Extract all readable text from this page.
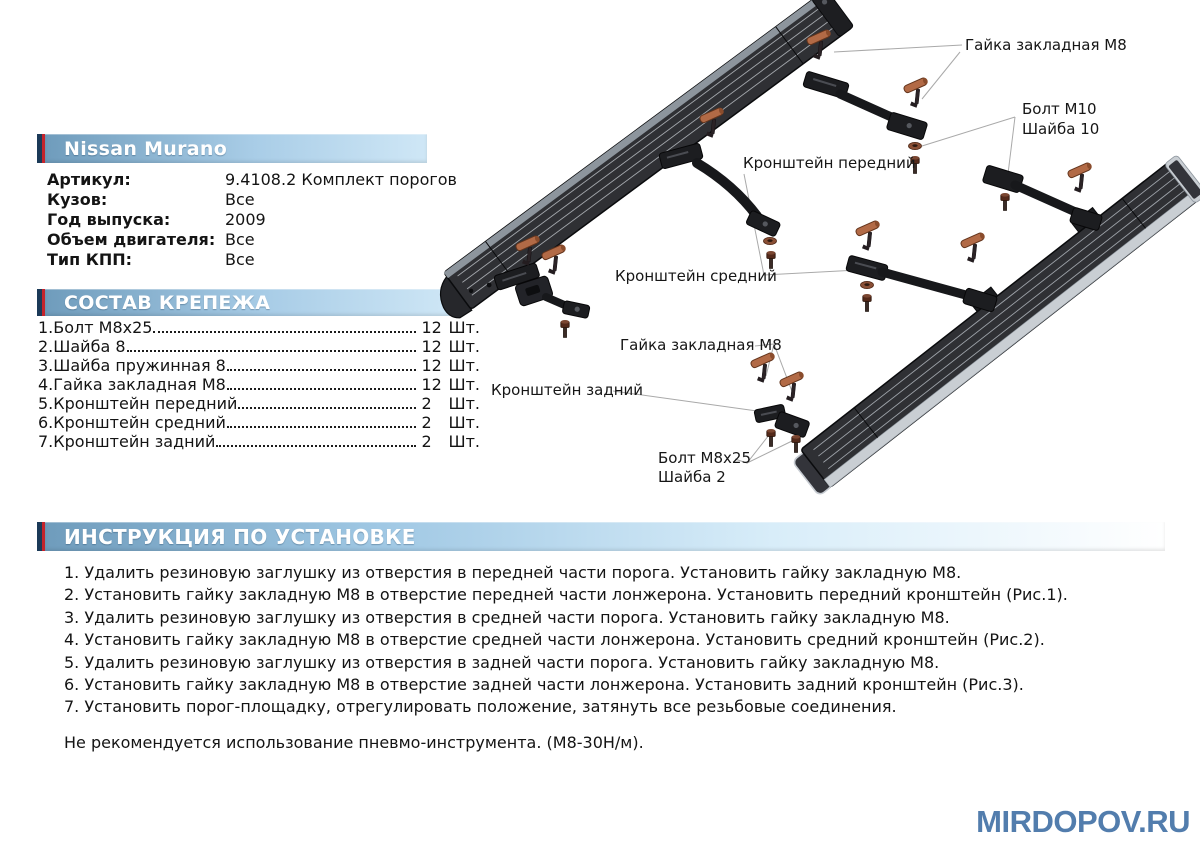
Nissan Murano
Артикул:	9.4108.2 Комплект порогов
Кузов:	Все
Год выпуска:	2009
Объем двигателя: Все
Тип КПП:	Все
СОСТАВ КРЕПЕЖА
1.Болт М8х25	12 Шт.
2.Шайба 8	12 Шт.
3.Шайба пружинная 8	12 Шт.
4.Гайка закладная М8	12 Шт.
5.Кронштейн передний	2	Шт.
6.Кронштейн средний	2	Шт.
7.Кронштейн задний	2	Шт.
Гайка закладная М8
Болт М10
Шайба 10
Кронштейн передний
Кронштейн средний
Гайка закладная М8
Кронштейн задний
Болт М8х25
Шайба 2
ИНСТРУКЦИЯ ПО УСТАНОВКЕ
1. Удалить резиновую заглушку из отверстия в передней части порога. Установить гайку закладную М8.
2. Установить гайку закладную М8 в отверстие передней части лонжерона. Установить передний кронштейн (Рис.1).
3. Удалить резиновую заглушку из отверстия в средней части порога. Установить гайку закладную М8.
4. Установить гайку закладную М8 в отверстие средней части лонжерона. Установить средний кронштейн (Рис.2).
5. Удалить резиновую заглушку из отверстия в задней части порога. Установить гайку закладную М8.
6. Установить гайку закладную М8 в отверстие задней части лонжерона. Установить задний кронштейн (Рис.3).
7. Установить порог-площадку, отрегулировать положение, затянуть все резьбовые соединения.
Не рекомендуется использование пневмо-инструмента. (М8-30Н/м).
MIRDOPOV.RU
